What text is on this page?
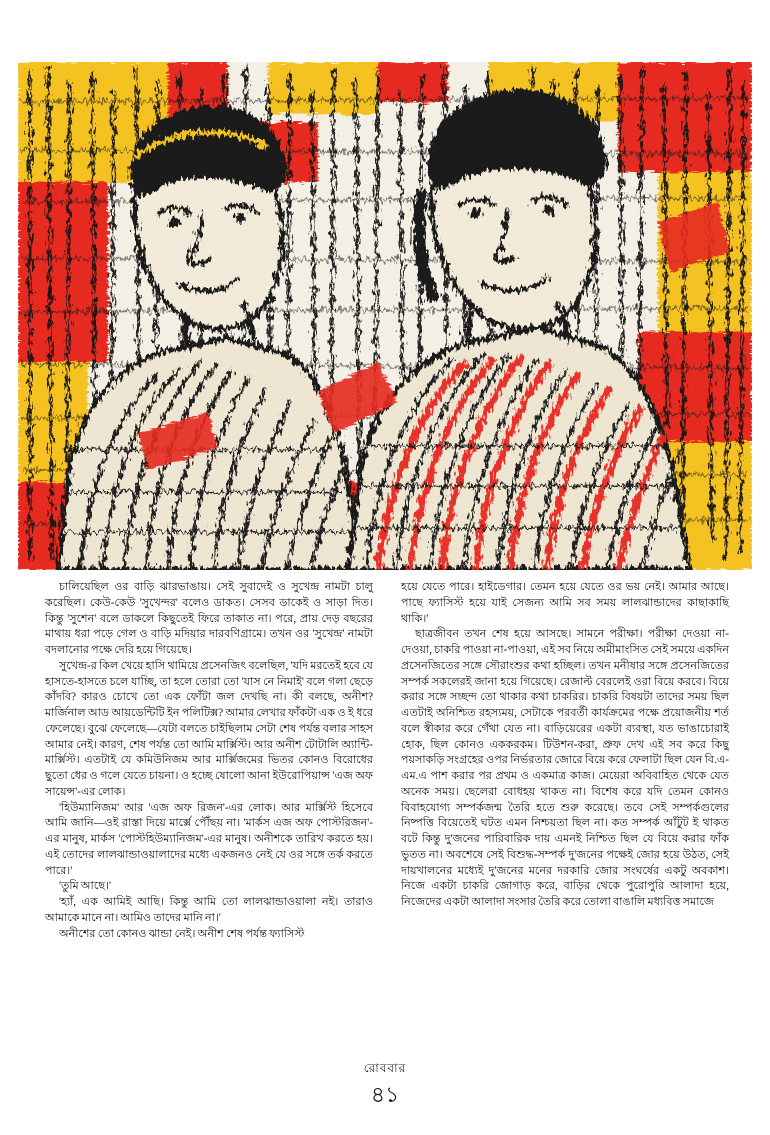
চালিয়েছিল ওর বাড়ি ঝারভাঙায়। সেই সুবাদেই ও সুখেন্দ্র নামটা চালু করেছিল। কেউ-কেউ 'সুখেন্দর' বলেও ডাকত। সেসব ডাকেই ও সাড়া দিত। কিন্তু 'সুশেন' বলে ডাকলে কিছুতেই ফিরে তাকাত না। পরে, প্রায় দেড় বছরের মাথায় ধরা পড়ে গেল ও বাড়ি মদিয়ার দারবণিগ্রামে। তখন ওর 'সুখেন্দ্র' নামটা বদলানোর পক্ষে দেরি হয়ে গিয়েছে।

সুখেন্দ্র-র কিল খেয়ে হাসি থামিয়ে প্রসেনজিৎ বলেছিল, 'যদি মরতেই হবে যে হাসতে-হাসতে চলে যাচ্ছি, তা হলে তোরা তো 'যাস নে নিমাই' বলে গলা ছেড়ে কাঁদবি? কারও চোখে তো এক ফোঁটা জল দেখছি না। কী বলছে, অনীশ? মার্জিনাল আড আয়ডেন্টিটি ইন পলিটিক্স? আমার লেখার ফাঁকটা এক ও ই ধরে ফেলেছে। বুঝে ফেলেছে—যেটা বলতে চাইছিলাম সেটা শেষ পর্যন্ত বলার সাহস আমার নেই। কারণ, শেষ পর্যন্ত তো আমি মার্ক্সিস্ট। আর অনীশ টোটালি অ্যান্টি-মার্ক্সিস্ট। এতটাই যে কমিউনিজম আর মার্ক্সিজমের ভিতর কোনও বিরোধের ছুতো ধের ও গলে যেতে চায়না। ও হচ্ছে ষোলো আনা ইউরোপিয়ান্স 'এজ অফ সায়েন্স'-এর লোক।

'হিউম্যানিজম' আর 'এজ অফ রিজন'-এর লোক। আর মার্ক্সিস্ট হিসেবে আমি জানি—ওই রাস্তা দিয়ে মার্ক্সে পৌঁছয় না। 'মার্কস এজ অফ পোস্টরিজন'-এর মানুষ, মার্কস 'পোস্টহিউম্যানিজম'-এর মানুষ। অনীশকে তারিখ করতে হয়। এই তোদের লালঝান্ডাওয়ালাদের মধ্যে একজনও নেই যে ওর সঙ্গে তর্ক করতে পারে।'

'তুমি আছে।'

'হ্যাঁ, এক আমিই আছি। কিন্তু আমি তো লালঝান্ডাওয়ালা নই। তারাও আমাকে মানে না। আমিও তাদের মানি না।'

অনীশের তো কোনও ঝান্ডা নেই। অনীশ শেষ পর্যন্ত ফ্যাসিস্ট

হয়ে যেতে পারে। হাইডেগার। তেমন হয়ে যেতে ওর ভয় নেই। আমার আছে। পাছে ফ্যাসিস্ট হয়ে যাই সেজন্য আমি সব সময় লালঝান্ডাদের কাছাকাছি থাকি।'

ছাত্রজীবন তখন শেষ হয়ে আসছে। সামনে পরীক্ষা। পরীক্ষা দেওয়া না-দেওয়া, চাকরি পাওয়া না-পাওয়া, এই সব নিয়ে অমীমাংসিত সেই সময়ে একদিন প্রসেনজিতের সঙ্গে সৌরাংশুর কথা হচ্ছিল। তখন মনীষার সঙ্গে প্রসেনজিতের সম্পর্ক সকলেরই জানা হয়ে গিয়েছে। রেজাল্ট বেরলেই ওরা বিয়ে করবে। বিয়ে করার সঙ্গে সচ্ছন্দ তো থাকার কথা চাকরির। চাকরি বিষয়টা তাদের সময় ছিল এতটাই অনিশ্চিত রহস্যময়, সেটাকে পরবর্তী কার্যক্রমের পক্ষে প্রয়োজনীয় শর্ত বলে স্বীকার করে গেঁথা যেত না। বাড়িয়েরের একটা ব্যবস্থা, যত ভাঙাচোরাই হোক, ছিল কোনও এককরকম। টিউশন-করা, প্রুফ দেখ এই সব করে কিছু পয়সাকড়ি সংগ্রহের ওপর নির্ভরতার জোরে বিয়ে করে ফেলাটা ছিল যেন বি.এ-এম.এ পাশ করার পর প্রথম ও একমাত্র কাজ। মেয়েরা অবিবাহিত থেকে যেত অনেক সময়। ছেলেরা বোধহয় থাকত না। বিশেষ করে যদি তেমন কোনও বিবাহযোগ্য সম্পর্কজন্ম তৈরি হতে শুরু করেছে। তবে সেই সম্পর্কগুলের নিষ্পত্তি বিয়েতেই ঘটত এমন নিশ্চয়তা ছিল না। কত সম্পর্ক আঁটুট ই থাকত বটে কিন্তু দু'জনের পারিবারিক দায় এমনই নিশ্চিত ছিল যে বিয়ে করার ফাঁক ভুতত না। অবশেষে সেই বিশুদ্ধ-সম্পর্ক দু'জনের পক্ষেই জোর হয়ে উঠত, সেই দায়খালনের মধ্যেই দু'জনের মনের দরকারি জোর সংঘর্ষের একটু অবকাশ। নিজে একটা চাকরি জোগাড় করে, বাড়ির থেকে পুরোপুরি আলাদা হয়ে, নিজেদের একটা আলাদা সংসার তৈরি করে তোলা বাঙালি মধ্যবিত্ত সমাজে

রোববার
৪১
